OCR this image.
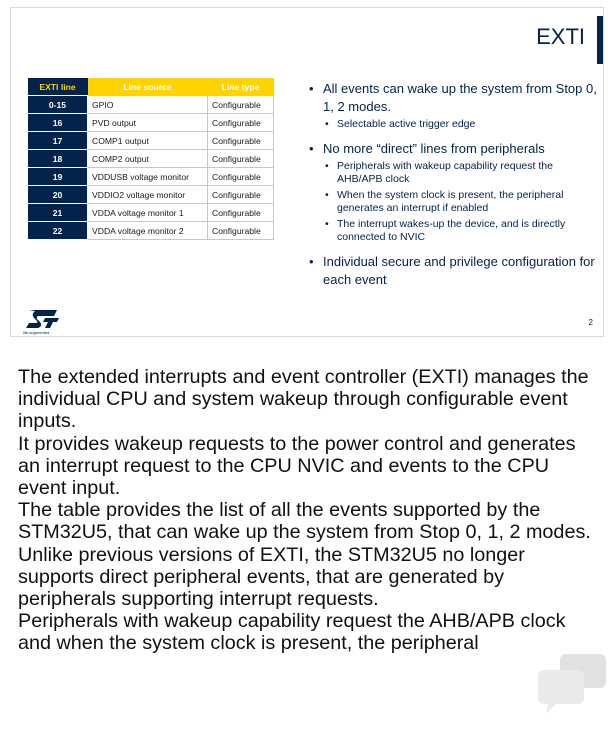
EXTI
EXTI line	Line source	Line type
0-15	GPIO	Configurable
16	PVD output	Configurable
17	COMP1 output	Configurable
18	COMP2 output	Configurable
19	VDDUSB voltage monitor	Configurable
20	VDDIO2 voltage monitor	Configurable
21	VDDA voltage monitor 1	Configurable
22	VDDA voltage monitor 2	Configurable
• All events can wake up the system from Stop 0, 1, 2 modes.
• Selectable active trigger edge
• No more “direct” lines from peripherals
• Peripherals with wakeup capability request the AHB/APB clock
• When the system clock is present, the peripheral generates an interrupt if enabled
• The interrupt wakes-up the device, and is directly connected to NVIC
• Individual secure and privilege configuration for each event
life.augmented
2

The extended interrupts and event controller (EXTI) manages the individual CPU and system wakeup through configurable event inputs.

It provides wakeup requests to the power control and generates an interrupt request to the CPU NVIC and events to the CPU event input.

The table provides the list of all the events supported by the STM32U5, that can wake up the system from Stop 0, 1, 2 modes.

Unlike previous versions of EXTI, the STM32U5 no longer supports direct peripheral events, that are generated by peripherals supporting interrupt requests.

Peripherals with wakeup capability request the AHB/APB clock and when the system clock is present, the peripheral
